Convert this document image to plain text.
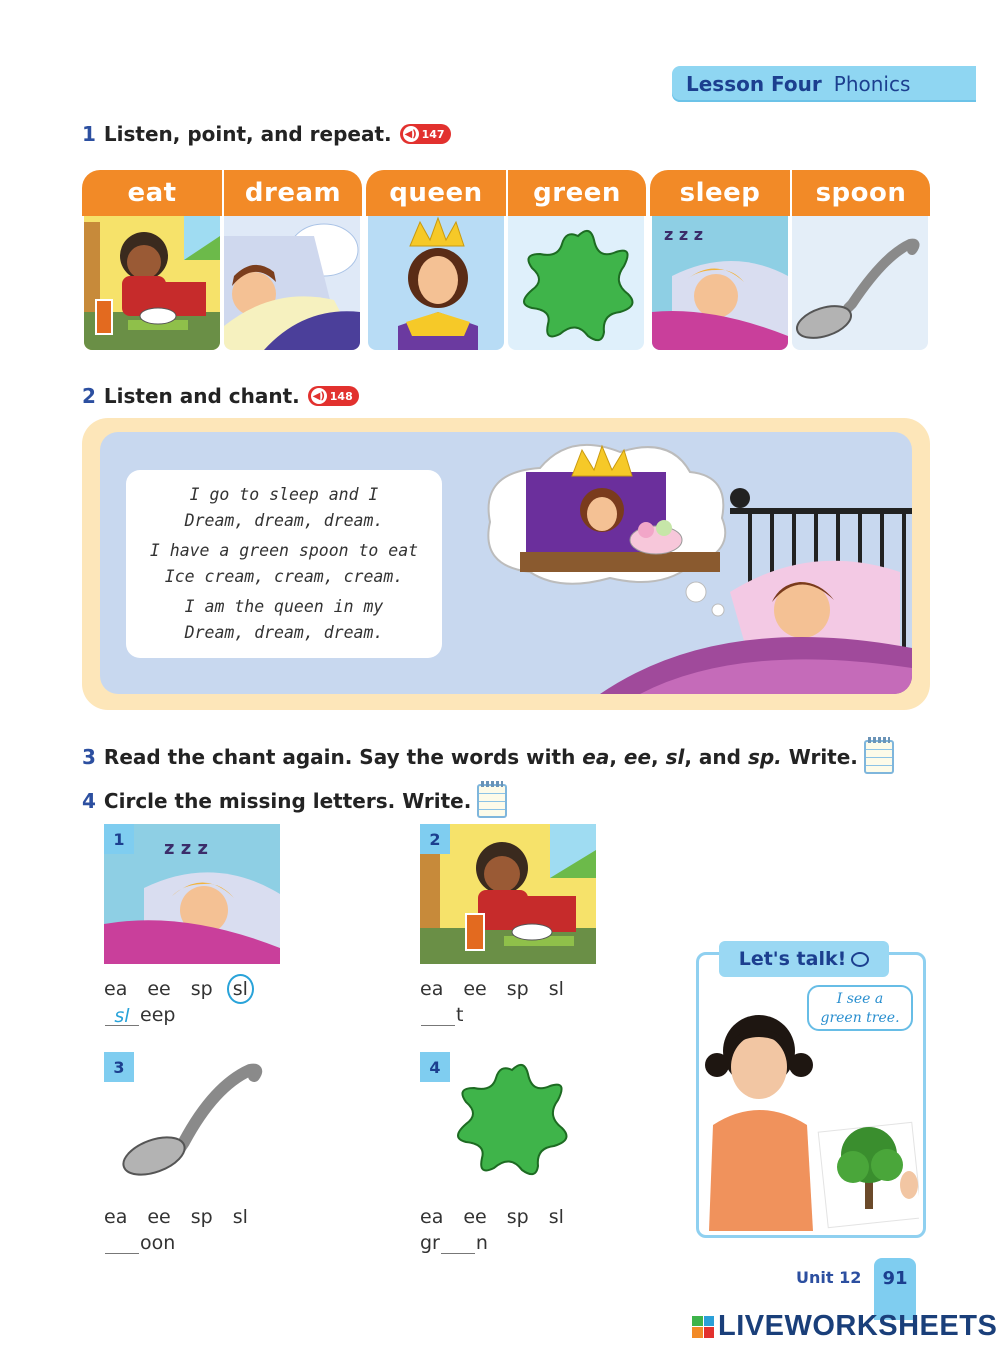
Lesson Four Phonics
1 Listen, point, and repeat. ◀) 147
eat	dream	queen	green	sleep
z z z
spoon
2 Listen and chant. ◀) 148
I go to sleep and I
Dream, dream, dream.
I have a green spoon to eat
Ice cream, cream, cream.
I am the queen in my
Dream, dream, dream.
3 Read the chant again. Say the words with ea, ee, sl, and sp. Write.
4 Circle the missing letters. Write.
1	z z z
ea ee sp sl
sl eep
2
ea ee sp sl
t
3
ea ee sp sl
oon
4
ea ee sp sl
gr n
Let's talk!
I see a
green tree.
Unit 12	91
LIVEWORKSHEETS
